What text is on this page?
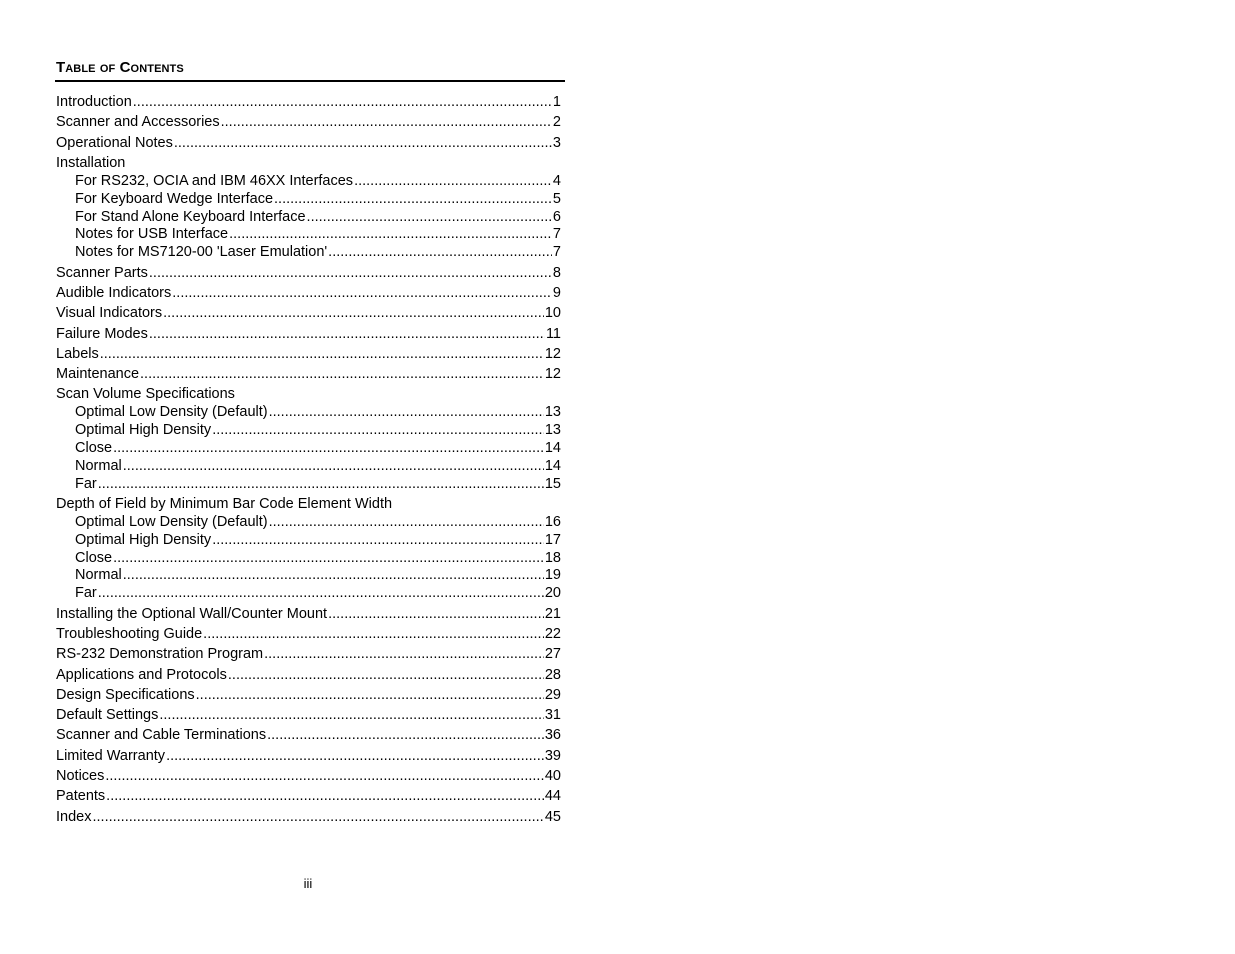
Table of Contents
Introduction .....	1
Scanner and Accessories .....	2
Operational Notes .....	3
Installation
For RS232, OCIA and IBM 46XX Interfaces .....	4
For Keyboard Wedge Interface .....	5
For Stand Alone Keyboard Interface .....	6
Notes for USB Interface .....	7
Notes for MS7120-00 'Laser Emulation' .....	7
Scanner Parts .....	8
Audible Indicators .....	9
Visual Indicators .....	10
Failure Modes .....	11
Labels .....	12
Maintenance .....	12
Scan Volume Specifications
Optimal Low Density (Default) .....	13
Optimal High Density .....	13
Close .....	14
Normal .....	14
Far .....	15
Depth of Field by Minimum Bar Code Element Width
Optimal Low Density (Default) .....	16
Optimal High Density .....	17
Close .....	18
Normal .....	19
Far .....	20
Installing the Optional Wall/Counter Mount .....	21
Troubleshooting Guide .....	22
RS-232 Demonstration Program .....	27
Applications and Protocols .....	28
Design Specifications .....	29
Default Settings .....	31
Scanner and Cable Terminations .....	36
Limited Warranty .....	39
Notices .....	40
Patents .....	44
Index .....	45
iii
